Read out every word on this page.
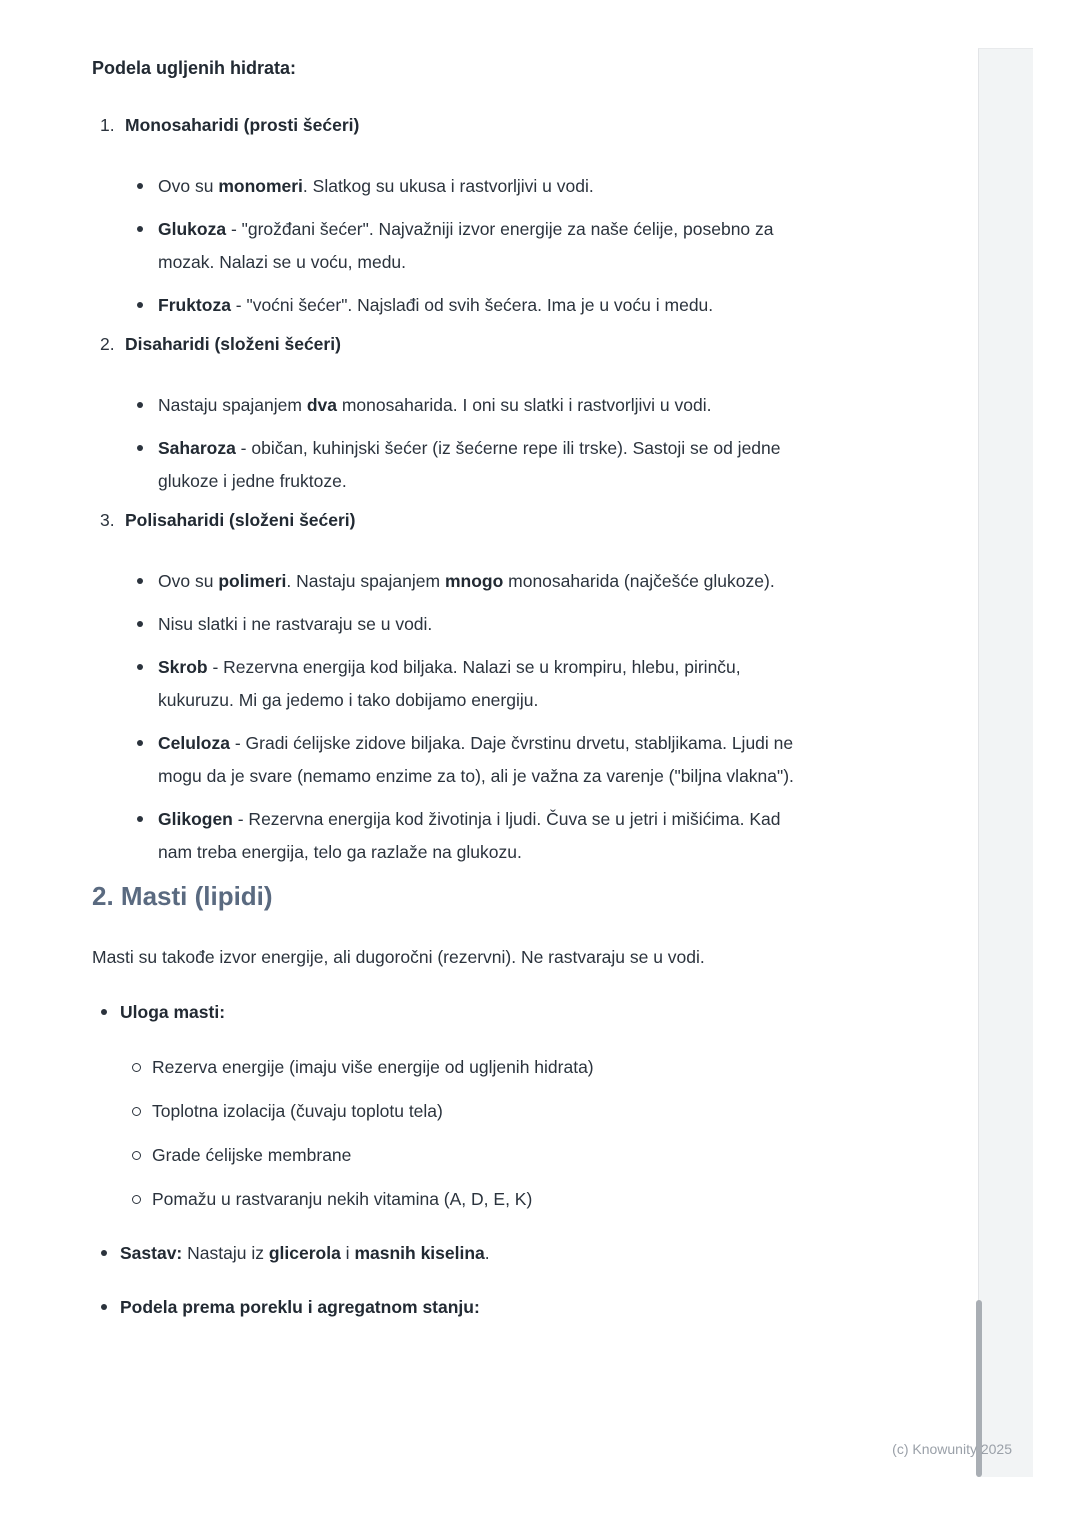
Podela ugljenih hidrata:
1. Monosaharidi (prosti šećeri)
Ovo su monomeri. Slatkog su ukusa i rastvorljivi u vodi.
Glukoza - "grožđani šećer". Najvažniji izvor energije za naše ćelije, posebno za mozak. Nalazi se u voću, medu.
Fruktoza - "voćni šećer". Najslađi od svih šećera. Ima je u voću i medu.
2. Disaharidi (složeni šećeri)
Nastaju spajanjem dva monosaharida. I oni su slatki i rastvorljivi u vodi.
Saharoza - običan, kuhinjski šećer (iz šećerne repe ili trske). Sastoji se od jedne glukoze i jedne fruktoze.
3. Polisaharidi (složeni šećeri)
Ovo su polimeri. Nastaju spajanjem mnogo monosaharida (najčešće glukoze).
Nisu slatki i ne rastvaraju se u vodi.
Skrob - Rezervna energija kod biljaka. Nalazi se u krompiru, hlebu, pirinču, kukuruzu. Mi ga jedemo i tako dobijamo energiju.
Celuloza - Gradi ćelijske zidove biljaka. Daje čvrstinu drvetu, stabljikama. Ljudi ne mogu da je svare (nemamo enzime za to), ali je važna za varenje ("biljna vlakna").
Glikogen - Rezervna energija kod životinja i ljudi. Čuva se u jetri i mišićima. Kad nam treba energija, telo ga razlaže na glukozu.
2. Masti (lipidi)

Masti su takođe izvor energije, ali dugoročni (rezervni). Ne rastvaraju se u vodi.

Uloga masti:
Rezerva energije (imaju više energije od ugljenih hidrata)
Toplotna izolacija (čuvaju toplotu tela)
Grade ćelijske membrane
Pomažu u rastvaranju nekih vitamina (A, D, E, K)
Sastav: Nastaju iz glicerola i masnih kiselina.
Podela prema poreklu i agregatnom stanju:
(c) Knowunity 2025
